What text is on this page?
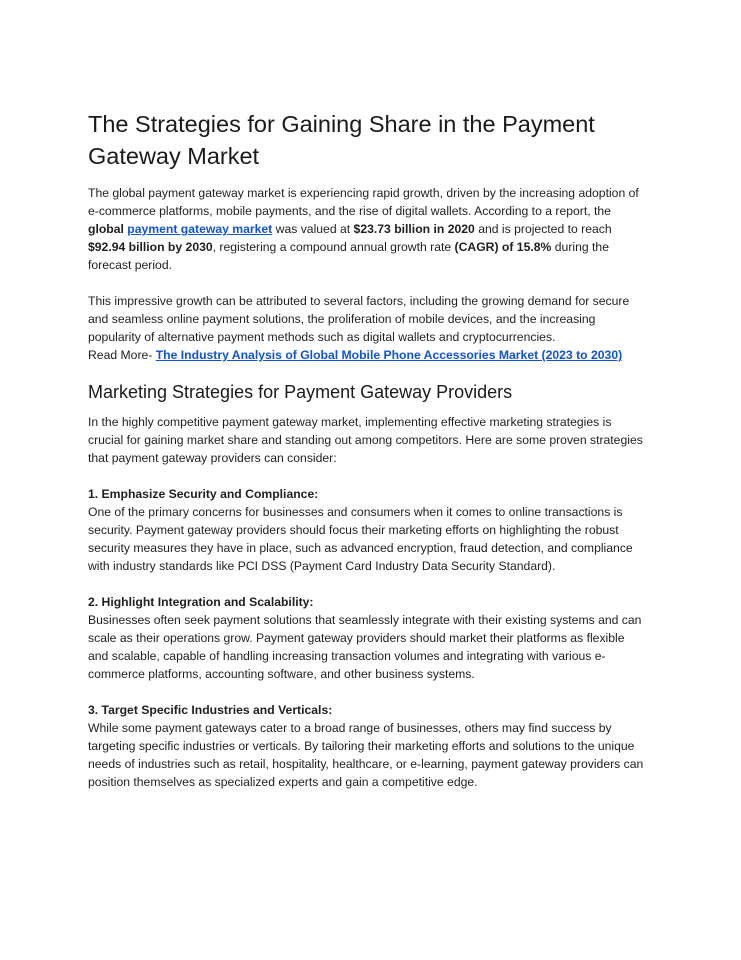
The Strategies for Gaining Share in the Payment Gateway Market

The global payment gateway market is experiencing rapid growth, driven by the increasing adoption of e-commerce platforms, mobile payments, and the rise of digital wallets. According to a report, the global payment gateway market was valued at $23.73 billion in 2020 and is projected to reach $92.94 billion by 2030, registering a compound annual growth rate (CAGR) of 15.8% during the forecast period.

This impressive growth can be attributed to several factors, including the growing demand for secure and seamless online payment solutions, the proliferation of mobile devices, and the increasing popularity of alternative payment methods such as digital wallets and cryptocurrencies.

Read More- The Industry Analysis of Global Mobile Phone Accessories Market (2023 to 2030)

Marketing Strategies for Payment Gateway Providers

In the highly competitive payment gateway market, implementing effective marketing strategies is crucial for gaining market share and standing out among competitors. Here are some proven strategies that payment gateway providers can consider:

1. Emphasize Security and Compliance:

One of the primary concerns for businesses and consumers when it comes to online transactions is security. Payment gateway providers should focus their marketing efforts on highlighting the robust security measures they have in place, such as advanced encryption, fraud detection, and compliance with industry standards like PCI DSS (Payment Card Industry Data Security Standard).

2. Highlight Integration and Scalability:

Businesses often seek payment solutions that seamlessly integrate with their existing systems and can scale as their operations grow. Payment gateway providers should market their platforms as flexible and scalable, capable of handling increasing transaction volumes and integrating with various e-commerce platforms, accounting software, and other business systems.

3. Target Specific Industries and Verticals:

While some payment gateways cater to a broad range of businesses, others may find success by targeting specific industries or verticals. By tailoring their marketing efforts and solutions to the unique needs of industries such as retail, hospitality, healthcare, or e-learning, payment gateway providers can position themselves as specialized experts and gain a competitive edge.
